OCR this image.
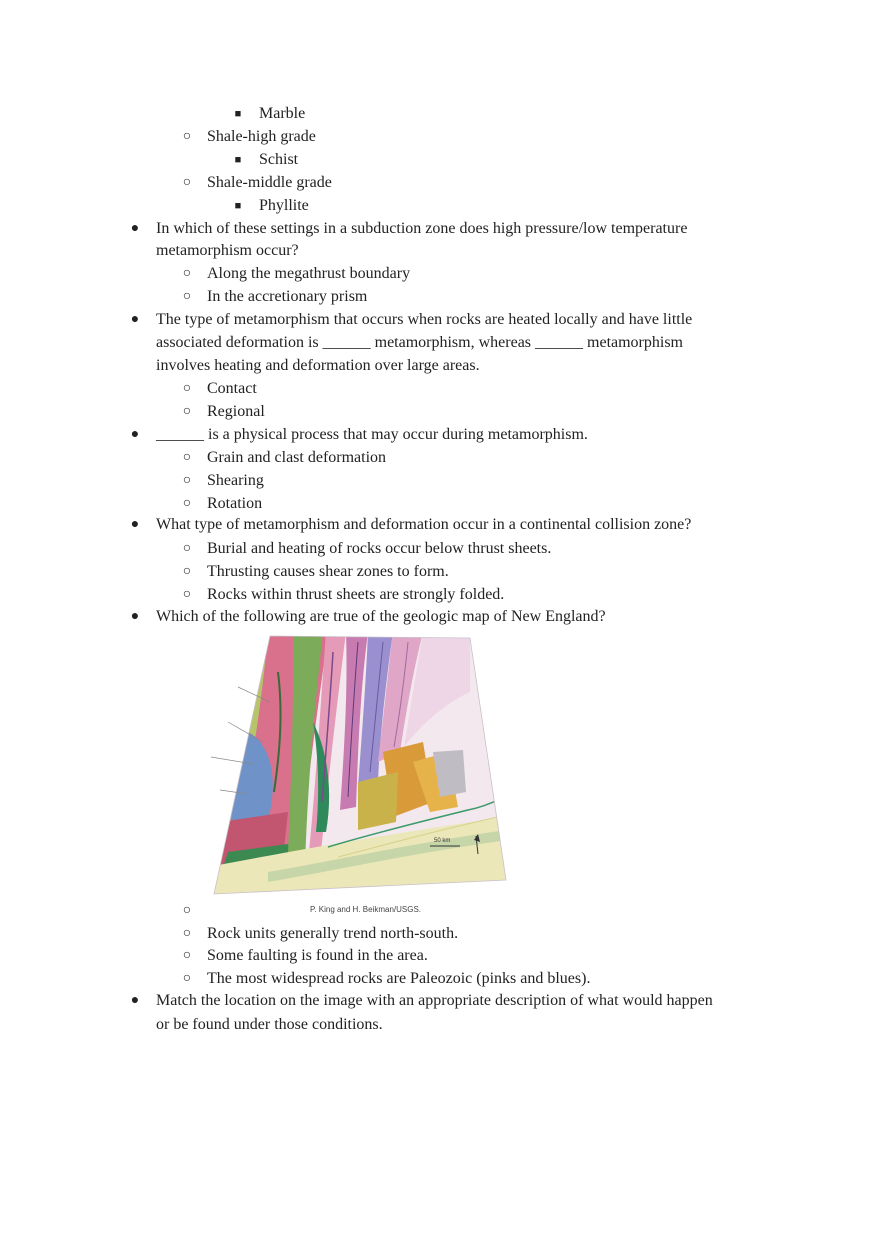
■ Marble
○ Shale-high grade
■ Schist
○ Shale-middle grade
■ Phyllite
● In which of these settings in a subduction zone does high pressure/low temperature
metamorphism occur?
○ Along the megathrust boundary
○ In the accretionary prism
● The type of metamorphism that occurs when rocks are heated locally and have little
associated deformation is ______ metamorphism, whereas ______ metamorphism
involves heating and deformation over large areas.
○ Contact
○ Regional
● ______ is a physical process that may occur during metamorphism.
○ Grain and clast deformation
○ Shearing
○ Rotation
● What type of metamorphism and deformation occur in a continental collision zone?
○ Burial and heating of rocks occur below thrust sheets.
○ Thrusting causes shear zones to form.
○ Rocks within thrust sheets are strongly folded.
● Which of the following are true of the geologic map of New England?
50 km
○	P. King and H. Beikman/USGS.
○ Rock units generally trend north-south.
○ Some faulting is found in the area.
○ The most widespread rocks are Paleozoic (pinks and blues).
● Match the location on the image with an appropriate description of what would happen
or be found under those conditions.
